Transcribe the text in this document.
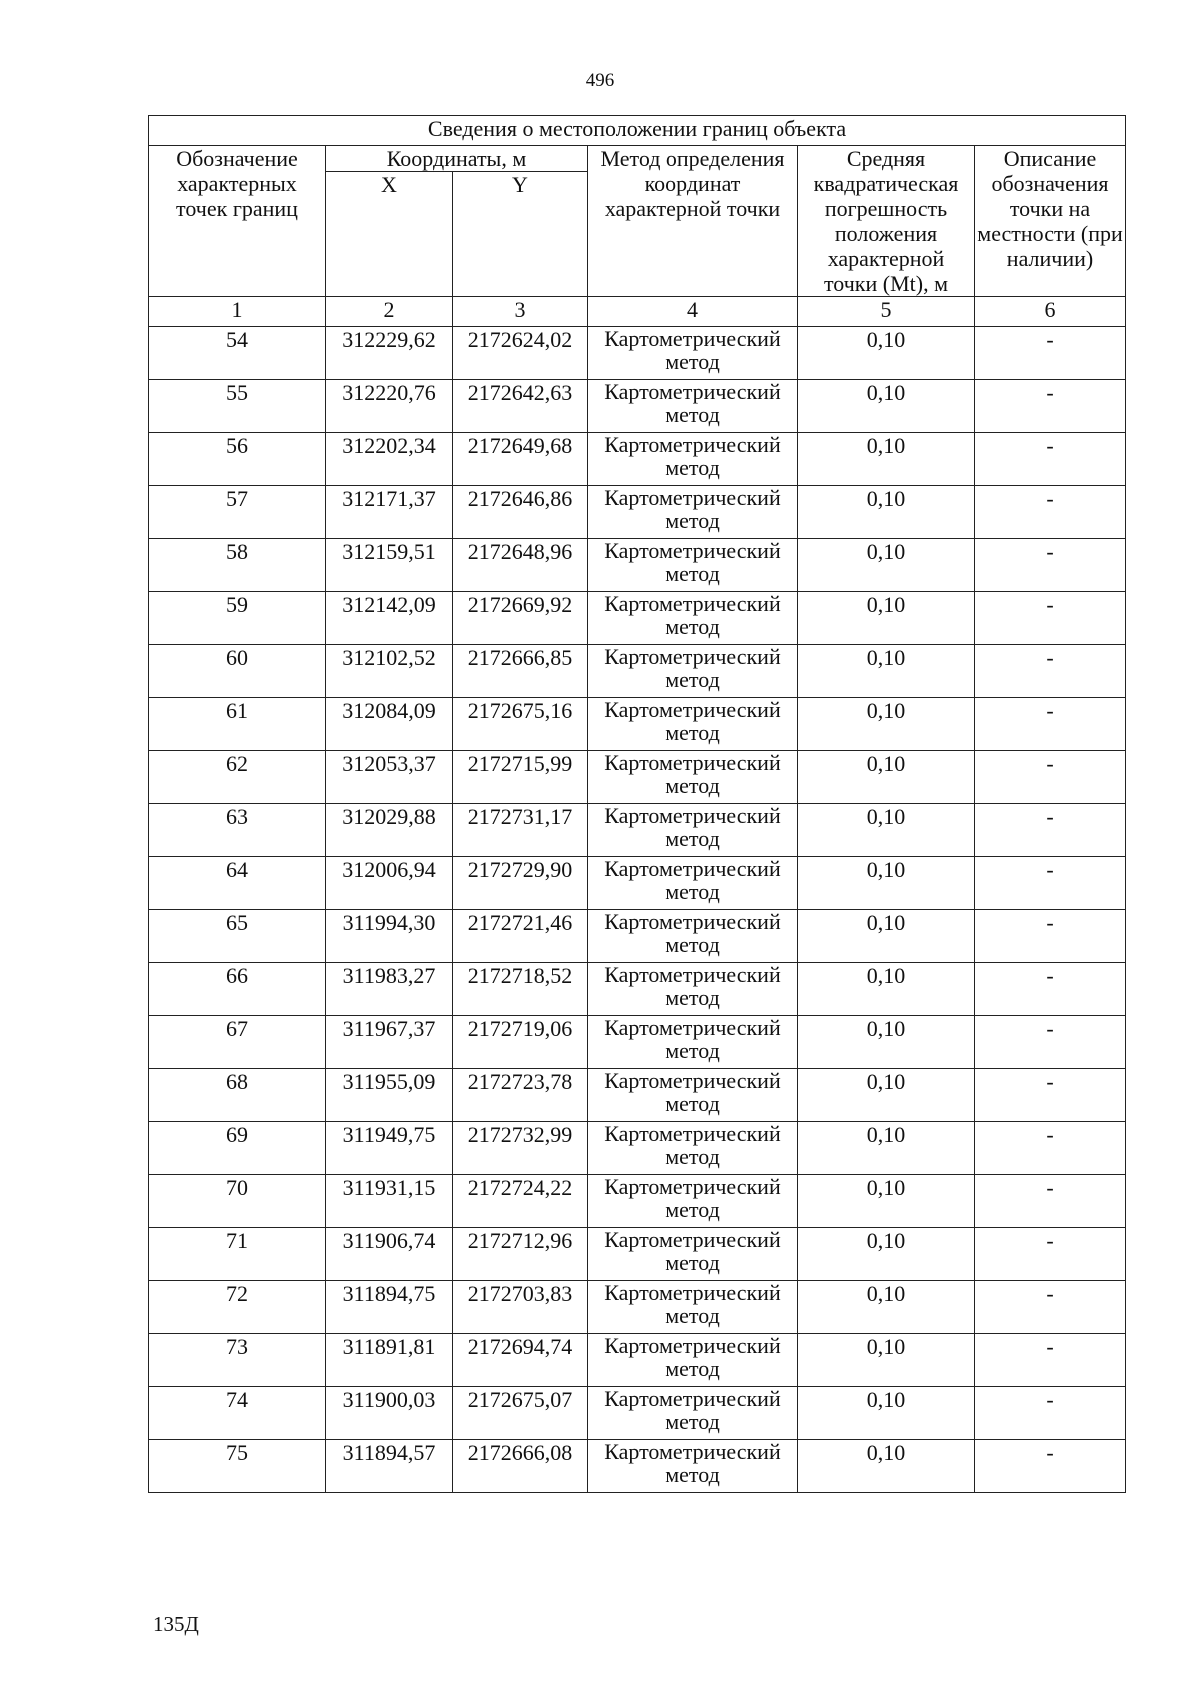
496
Сведения о местоположении границ объекта					
Обозначение характерных точек границ	Координаты, м		Метод определения координат характерной точки	Средняя квадратическая погрешность положения характерной точки (Mt), м	Описание обозначения точки на местности (при наличии)
	X	Y			
1	2	3	4	5	6
54	312229,62	2172624,02	Картометрический метод	0,10	-
55	312220,76	2172642,63	Картометрический метод	0,10	-
56	312202,34	2172649,68	Картометрический метод	0,10	-
57	312171,37	2172646,86	Картометрический метод	0,10	-
58	312159,51	2172648,96	Картометрический метод	0,10	-
59	312142,09	2172669,92	Картометрический метод	0,10	-
60	312102,52	2172666,85	Картометрический метод	0,10	-
61	312084,09	2172675,16	Картометрический метод	0,10	-
62	312053,37	2172715,99	Картометрический метод	0,10	-
63	312029,88	2172731,17	Картометрический метод	0,10	-
64	312006,94	2172729,90	Картометрический метод	0,10	-
65	311994,30	2172721,46	Картометрический метод	0,10	-
66	311983,27	2172718,52	Картометрический метод	0,10	-
67	311967,37	2172719,06	Картометрический метод	0,10	-
68	311955,09	2172723,78	Картометрический метод	0,10	-
69	311949,75	2172732,99	Картометрический метод	0,10	-
70	311931,15	2172724,22	Картометрический метод	0,10	-
71	311906,74	2172712,96	Картометрический метод	0,10	-
72	311894,75	2172703,83	Картометрический метод	0,10	-
73	311891,81	2172694,74	Картометрический метод	0,10	-
74	311900,03	2172675,07	Картометрический метод	0,10	-
75	311894,57	2172666,08	Картометрический метод	0,10	-
135Д
